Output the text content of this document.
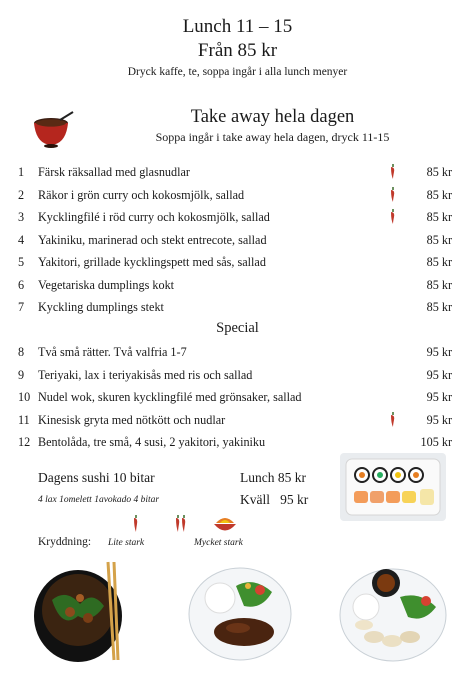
Lunch 11 – 15
Från 85 kr
Dryck kaffe, te, soppa ingår i alla lunch menyer
Take away hela dagen
Soppa ingår i take away hela dagen, dryck 11-15
1	Färsk räksallad med glasnudlar	85 kr
2	Räkor i grön curry och kokosmjölk, sallad	85 kr
3	Kycklingfilé i röd curry och kokosmjölk, sallad	85 kr
4	Yakiniku, marinerad och stekt entrecote, sallad	85 kr
5	Yakitori, grillade kycklingspett med sås, sallad	85 kr
6	Vegetariska dumplings kokt	85 kr
7	Kyckling dumplings stekt	85 kr
Special
8	Två små rätter. Två valfria 1-7	95 kr
9	Teriyaki, lax i teriyakisås med ris och sallad	95 kr
10 Nudel wok, skuren kycklingfilé med grönsaker, sallad	95 kr
11 Kinesisk gryta med nötkött och nudlar	95 kr
12 Bentolåda, tre små, 4 susi, 2 yakitori, yakiniku	105 kr
Dagens sushi 10 bitar
4 lax 1omelett 1avokado 4 bitar
Lunch 85 kr
Kväll   95 kr
Kryddning: Lite stark	Mycket stark
